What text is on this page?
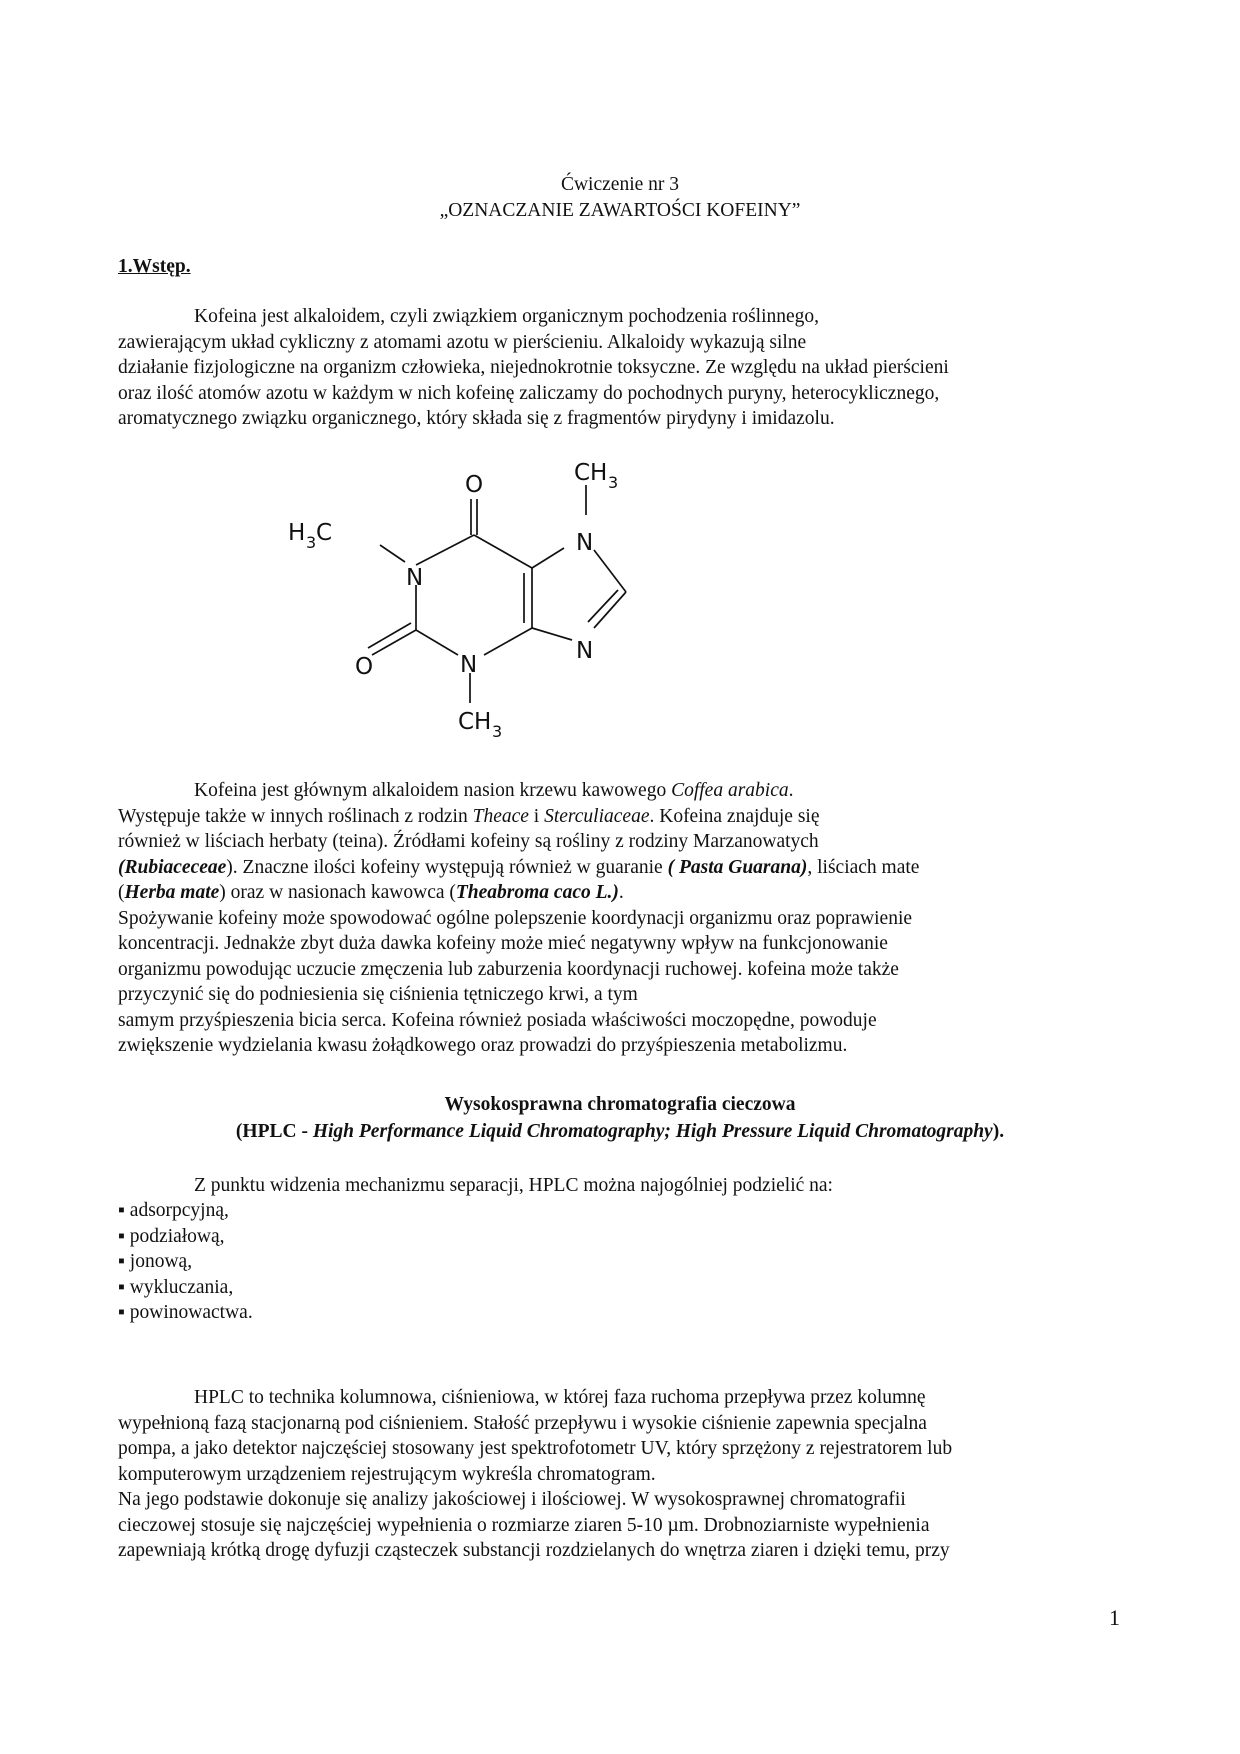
Ćwiczenie nr 3
„OZNACZANIE ZAWARTOŚCI KOFEINY”
1.Wstęp.
Kofeina jest alkaloidem, czyli związkiem organicznym pochodzenia roślinnego,
zawierającym układ cykliczny z atomami azotu w pierścieniu. Alkaloidy wykazują silne
działanie fizjologiczne na organizm człowieka, niejednokrotnie toksyczne. Ze względu na układ pierścieni
oraz ilość atomów azotu w każdym w nich kofeinę zaliczamy do pochodnych puryny, heterocyklicznego,
aromatycznego związku organicznego, który składa się z fragmentów pirydyny i imidazolu.
O	CH 3
H 3 C
N
N
N
N
O
CH 3
Kofeina jest głównym alkaloidem nasion krzewu kawowego Coffea arabica.
Występuje także w innych roślinach z rodzin Theace i Sterculiaceae. Kofeina znajduje się
również w liściach herbaty (teina). Źródłami kofeiny są rośliny z rodziny Marzanowatych
(Rubiaceceae). Znaczne ilości kofeiny występują również w guaranie ( Pasta Guarana), liściach mate
(Herba mate) oraz w nasionach kawowca (Theabroma caco L.).
Spożywanie kofeiny może spowodować ogólne polepszenie koordynacji organizmu oraz poprawienie
koncentracji. Jednakże zbyt duża dawka kofeiny może mieć negatywny wpływ na funkcjonowanie
organizmu powodując uczucie zmęczenia lub zaburzenia koordynacji ruchowej. kofeina może także
przyczynić się do podniesienia się ciśnienia tętniczego krwi, a tym
samym przyśpieszenia bicia serca. Kofeina również posiada właściwości moczopędne, powoduje
zwiększenie wydzielania kwasu żołądkowego oraz prowadzi do przyśpieszenia metabolizmu.
Wysokosprawna chromatografia cieczowa
(HPLC - High Performance Liquid Chromatography; High Pressure Liquid Chromatography).
Z punktu widzenia mechanizmu separacji, HPLC można najogólniej podzielić na:
▪ adsorpcyjną,
▪ podziałową,
▪ jonową,
▪ wykluczania,
▪ powinowactwa.
HPLC to technika kolumnowa, ciśnieniowa, w której faza ruchoma przepływa przez kolumnę
wypełnioną fazą stacjonarną pod ciśnieniem. Stałość przepływu i wysokie ciśnienie zapewnia specjalna
pompa, a jako detektor najczęściej stosowany jest spektrofotometr UV, który sprzężony z rejestratorem lub
komputerowym urządzeniem rejestrującym wykreśla chromatogram.
Na jego podstawie dokonuje się analizy jakościowej i ilościowej. W wysokosprawnej chromatografii
cieczowej stosuje się najczęściej wypełnienia o rozmiarze ziaren 5-10 µm. Drobnoziarniste wypełnienia
zapewniają krótką drogę dyfuzji cząsteczek substancji rozdzielanych do wnętrza ziaren i dzięki temu, przy
1
